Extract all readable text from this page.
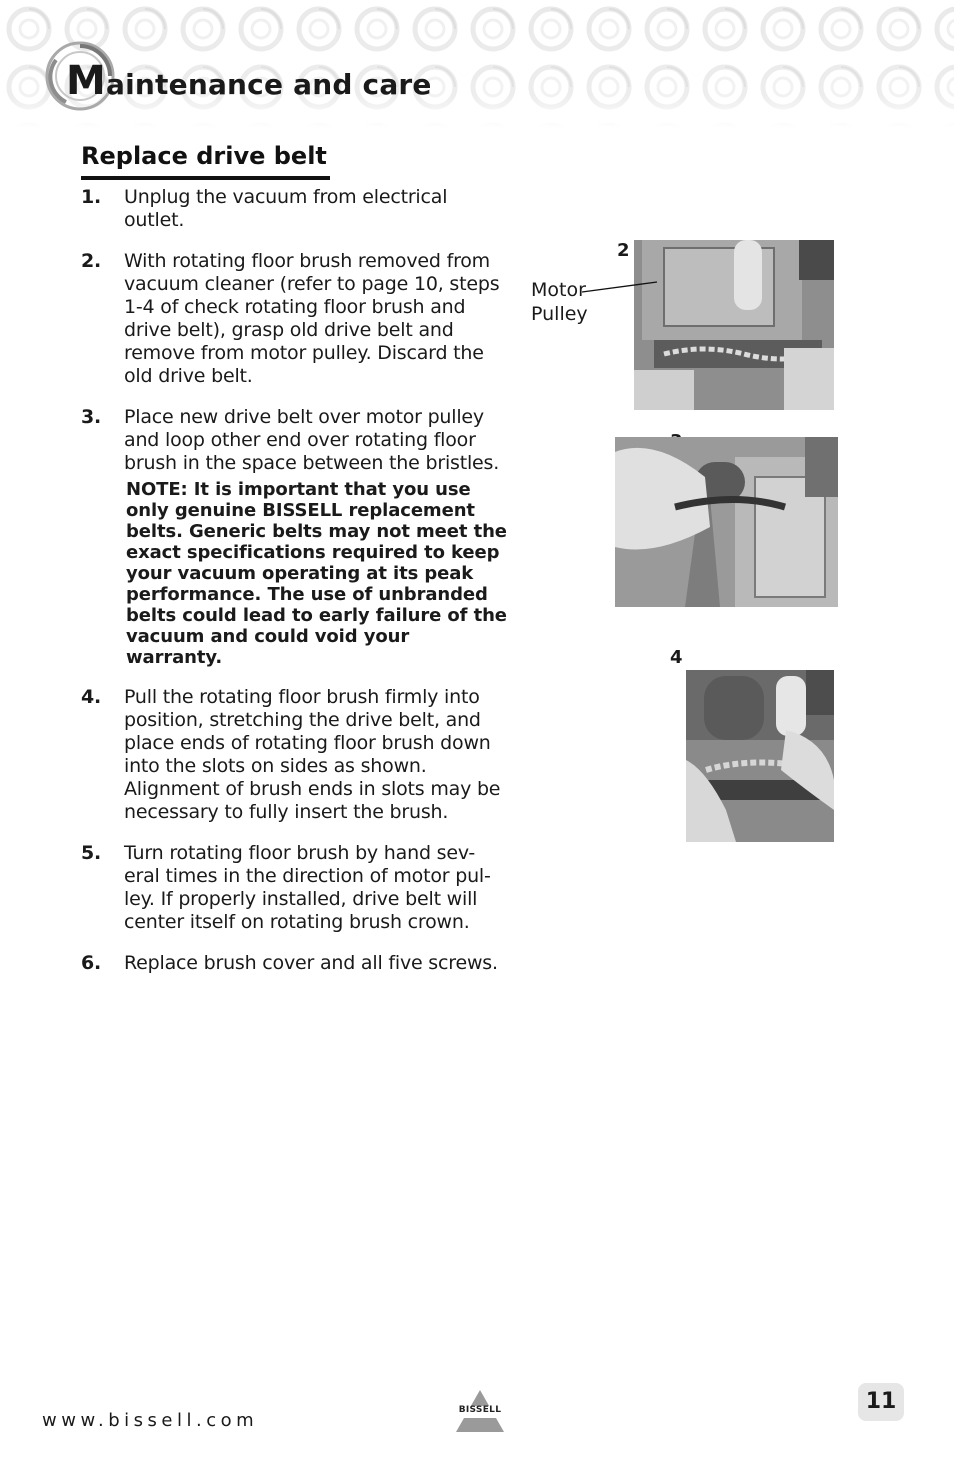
Maintenance and care
Replace drive belt
1. Unplug the vacuum from electrical outlet.
2. With rotating floor brush removed from vacuum cleaner (refer to page 10, steps 1-4 of check rotating floor brush and drive belt), grasp old drive belt and remove from motor pulley. Discard the old drive belt.
3. Place new drive belt over motor pulley and loop other end over rotating floor brush in the space between the bristles.
NOTE: It is important that you use only genuine BISSELL replacement belts. Generic belts may not meet the exact specifications required to keep your vacuum operating at its peak performance. The use of unbranded belts could lead to early failure of the vacuum and could void your warranty.
4. Pull the rotating floor brush firmly into position, stretching the drive belt, and place ends of rotating floor brush down into the slots on sides as shown. Alignment of brush ends in slots may be necessary to fully insert the brush.
5. Turn rotating floor brush by hand sev-eral times in the direction of motor pul-ley. If properly installed, drive belt will center itself on rotating brush crown.
6. Replace brush cover and all five screws.
2
Motor
Pulley
4
www.bissell.com	BISSELL	11
